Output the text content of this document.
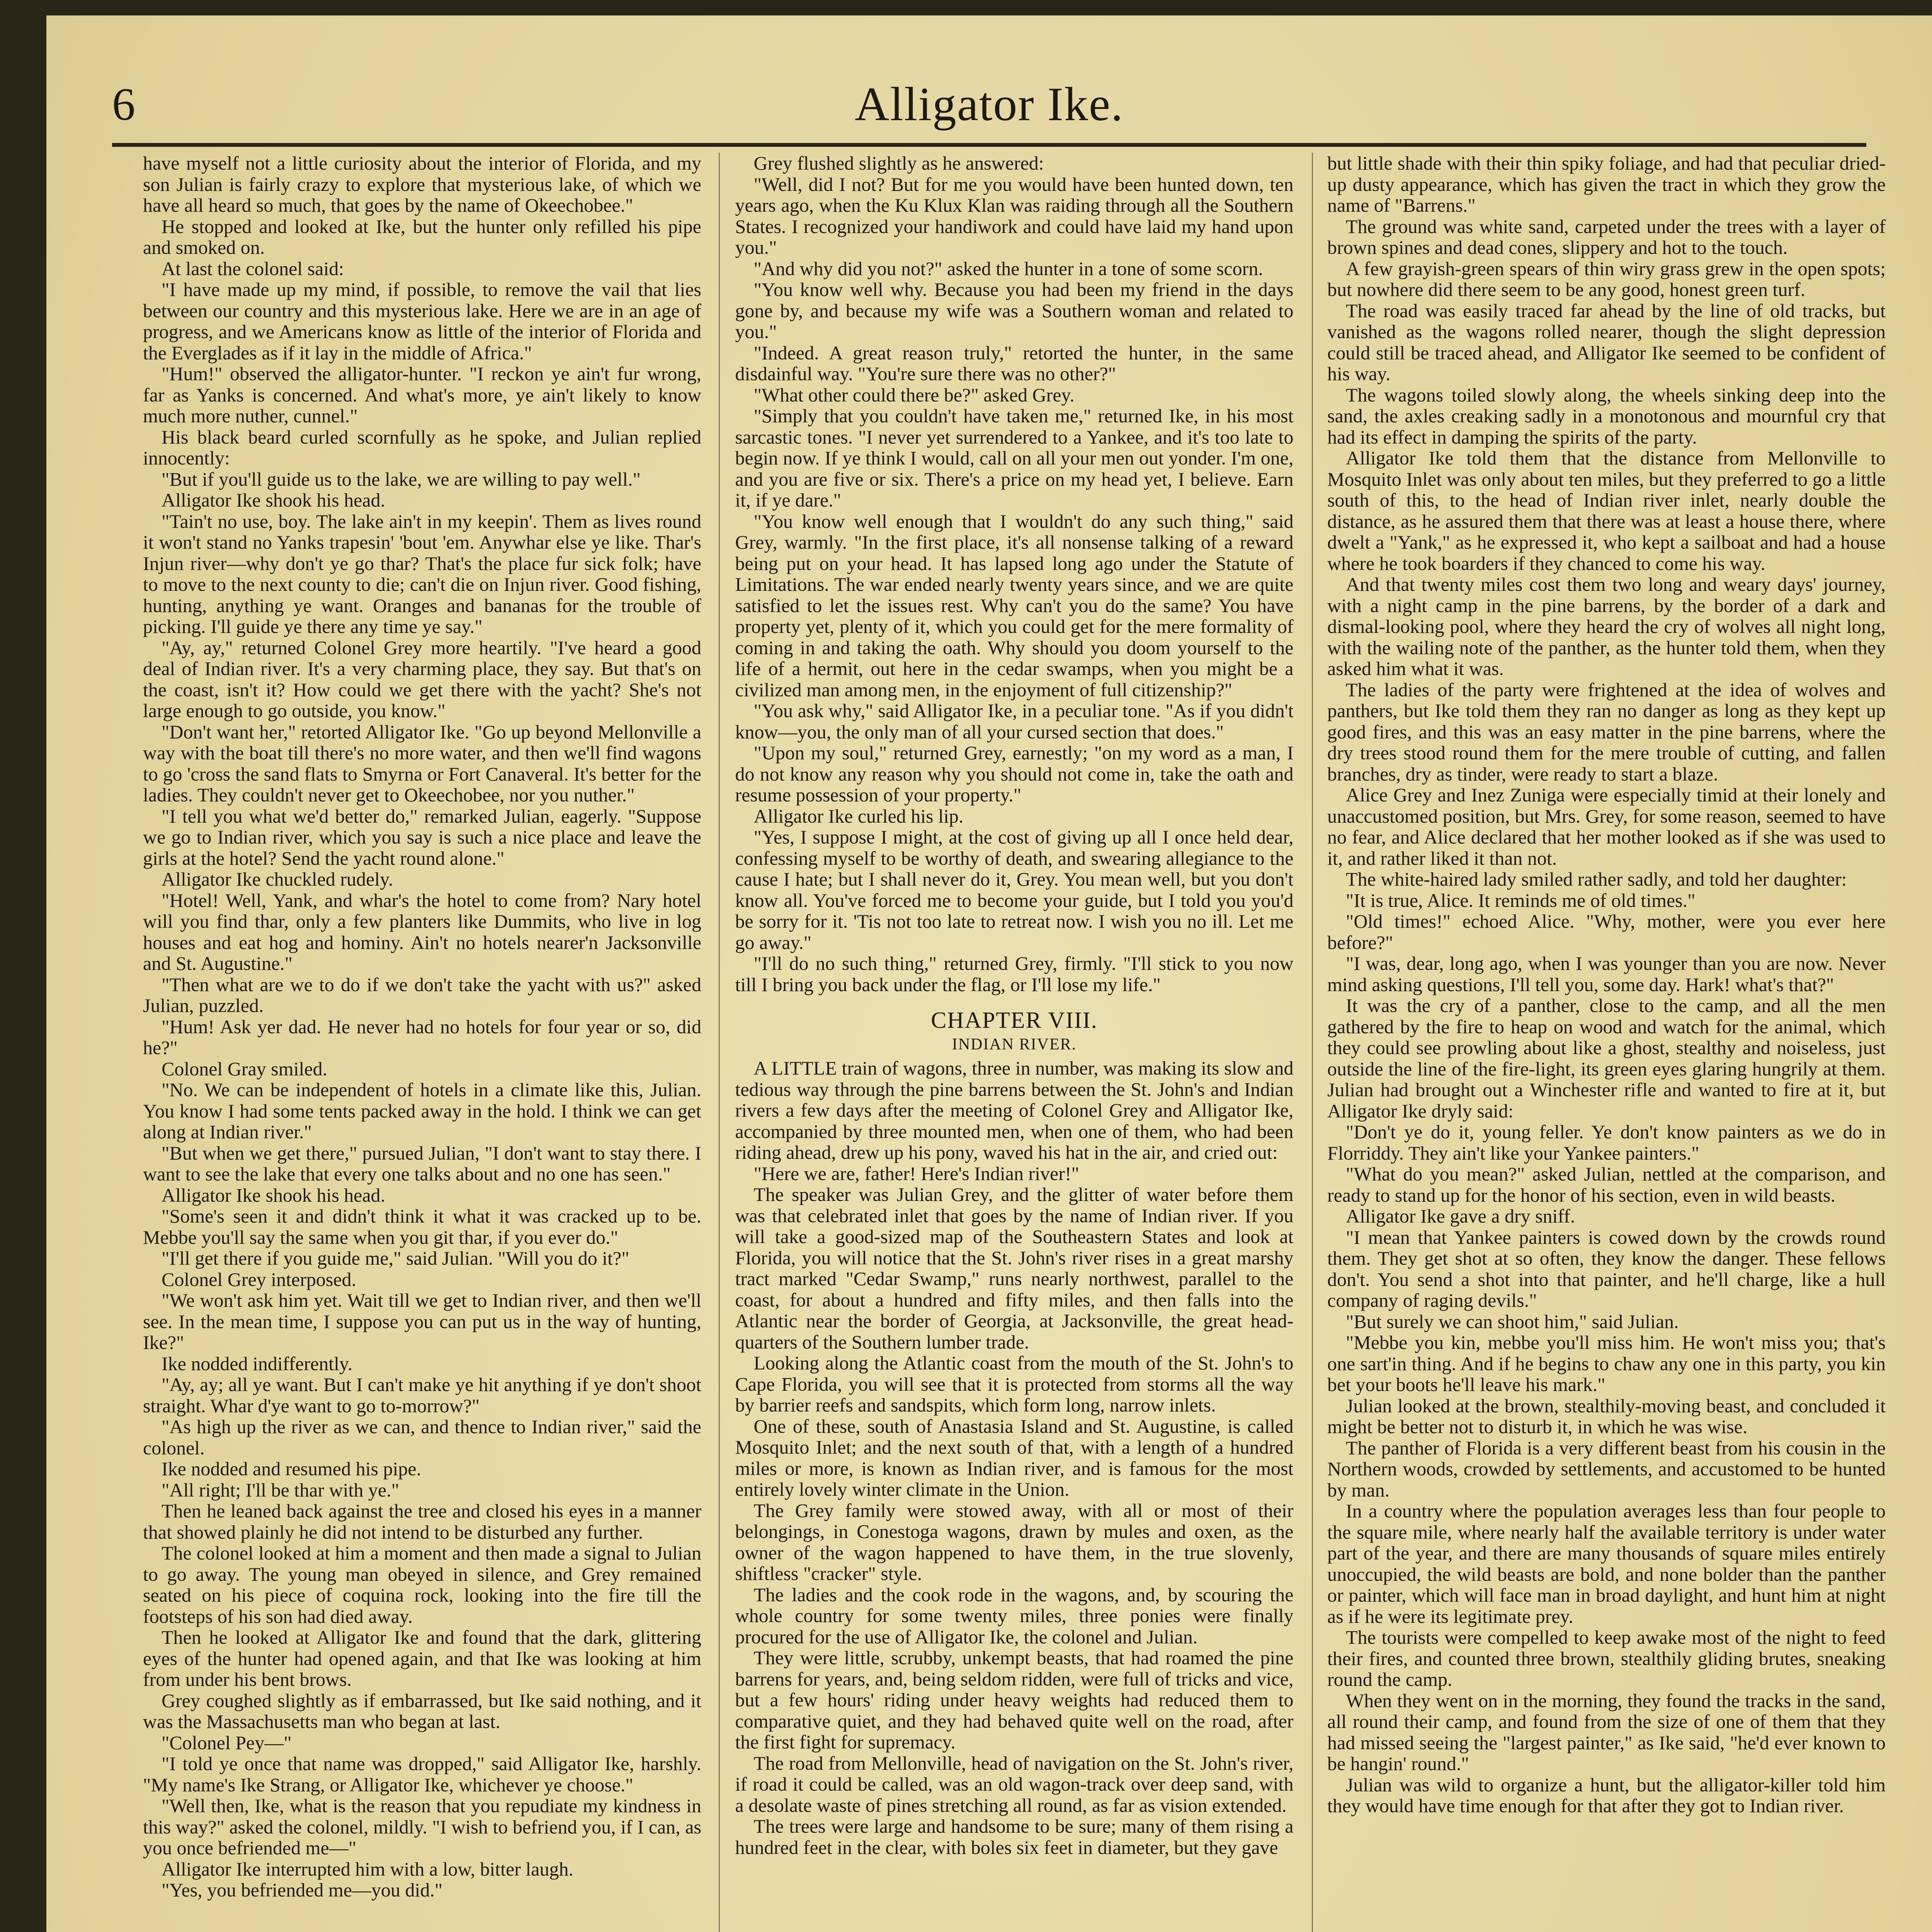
6	Alligator Ike.

have myself not a little curiosity about the interior of Florida, and my son Julian is fairly crazy to explore that mysterious lake, of which we have all heard so much, that goes by the name of Okeechobee."

He stopped and looked at Ike, but the hunter only refilled his pipe and smoked on.

At last the colonel said:

"I have made up my mind, if possible, to remove the vail that lies between our country and this mysterious lake. Here we are in an age of progress, and we Americans know as little of the interior of Florida and the Everglades as if it lay in the middle of Africa."

"Hum!" observed the alligator-hunter. "I reckon ye ain't fur wrong, far as Yanks is concerned. And what's more, ye ain't likely to know much more nuther, cunnel."

His black beard curled scornfully as he spoke, and Julian replied innocently:

"But if you'll guide us to the lake, we are willing to pay well."

Alligator Ike shook his head.

"Tain't no use, boy. The lake ain't in my keepin'. Them as lives round it won't stand no Yanks trapesin' 'bout 'em. Anywhar else ye like. Thar's Injun river—why don't ye go thar? That's the place fur sick folk; have to move to the next county to die; can't die on Injun river. Good fishing, hunting, anything ye want. Oranges and bananas for the trouble of picking. I'll guide ye there any time ye say."

"Ay, ay," returned Colonel Grey more heartily. "I've heard a good deal of Indian river. It's a very charming place, they say. But that's on the coast, isn't it? How could we get there with the yacht? She's not large enough to go outside, you know."

"Don't want her," retorted Alligator Ike. "Go up beyond Mellonville a way with the boat till there's no more water, and then we'll find wagons to go 'cross the sand flats to Smyrna or Fort Canaveral. It's better for the ladies. They couldn't never get to Okeechobee, nor you nuther."

"I tell you what we'd better do," remarked Julian, eagerly. "Suppose we go to Indian river, which you say is such a nice place and leave the girls at the hotel? Send the yacht round alone."

Alligator Ike chuckled rudely.

"Hotel! Well, Yank, and whar's the hotel to come from? Nary hotel will you find thar, only a few planters like Dummits, who live in log houses and eat hog and hominy. Ain't no hotels nearer'n Jacksonville and St. Augustine."

"Then what are we to do if we don't take the yacht with us?" asked Julian, puzzled.

"Hum! Ask yer dad. He never had no hotels for four year or so, did he?"

Colonel Gray smiled.

"No. We can be independent of hotels in a climate like this, Julian. You know I had some tents packed away in the hold. I think we can get along at Indian river."

"But when we get there," pursued Julian, "I don't want to stay there. I want to see the lake that every one talks about and no one has seen."

Alligator Ike shook his head.

"Some's seen it and didn't think it what it was cracked up to be. Mebbe you'll say the same when you git thar, if you ever do."

"I'll get there if you guide me," said Julian. "Will you do it?"

Colonel Grey interposed.

"We won't ask him yet. Wait till we get to Indian river, and then we'll see. In the mean time, I suppose you can put us in the way of hunting, Ike?"

Ike nodded indifferently.

"Ay, ay; all ye want. But I can't make ye hit anything if ye don't shoot straight. Whar d'ye want to go to-morrow?"

"As high up the river as we can, and thence to Indian river," said the colonel.

Ike nodded and resumed his pipe.

"All right; I'll be thar with ye."

Then he leaned back against the tree and closed his eyes in a manner that showed plainly he did not intend to be disturbed any further.

The colonel looked at him a moment and then made a signal to Julian to go away. The young man obeyed in silence, and Grey remained seated on his piece of coquina rock, looking into the fire till the footsteps of his son had died away.

Then he looked at Alligator Ike and found that the dark, glittering eyes of the hunter had opened again, and that Ike was looking at him from under his bent brows.

Grey coughed slightly as if embarrassed, but Ike said nothing, and it was the Massachusetts man who began at last.

"Colonel Pey—"

"I told ye once that name was dropped," said Alligator Ike, harshly. "My name's Ike Strang, or Alligator Ike, whichever ye choose."

"Well then, Ike, what is the reason that you repudiate my kindness in this way?" asked the colonel, mildly. "I wish to befriend you, if I can, as you once befriended me—"

Alligator Ike interrupted him with a low, bitter laugh.

"Yes, you befriended me—you did."

Grey flushed slightly as he answered:

"Well, did I not? But for me you would have been hunted down, ten years ago, when the Ku Klux Klan was raiding through all the Southern States. I recognized your handiwork and could have laid my hand upon you."

"And why did you not?" asked the hunter in a tone of some scorn.

"You know well why. Because you had been my friend in the days gone by, and because my wife was a Southern woman and related to you."

"Indeed. A great reason truly," retorted the hunter, in the same disdainful way. "You're sure there was no other?"

"What other could there be?" asked Grey.

"Simply that you couldn't have taken me," returned Ike, in his most sarcastic tones. "I never yet surrendered to a Yankee, and it's too late to begin now. If ye think I would, call on all your men out yonder. I'm one, and you are five or six. There's a price on my head yet, I believe. Earn it, if ye dare."

"You know well enough that I wouldn't do any such thing," said Grey, warmly. "In the first place, it's all nonsense talking of a reward being put on your head. It has lapsed long ago under the Statute of Limitations. The war ended nearly twenty years since, and we are quite satisfied to let the issues rest. Why can't you do the same? You have property yet, plenty of it, which you could get for the mere formality of coming in and taking the oath. Why should you doom yourself to the life of a hermit, out here in the cedar swamps, when you might be a civilized man among men, in the enjoyment of full citizenship?"

"You ask why," said Alligator Ike, in a peculiar tone. "As if you didn't know—you, the only man of all your cursed section that does."

"Upon my soul," returned Grey, earnestly; "on my word as a man, I do not know any reason why you should not come in, take the oath and resume possession of your property."

Alligator Ike curled his lip.

"Yes, I suppose I might, at the cost of giving up all I once held dear, confessing myself to be worthy of death, and swearing allegiance to the cause I hate; but I shall never do it, Grey. You mean well, but you don't know all. You've forced me to become your guide, but I told you you'd be sorry for it. 'Tis not too late to retreat now. I wish you no ill. Let me go away."

"I'll do no such thing," returned Grey, firmly. "I'll stick to you now till I bring you back under the flag, or I'll lose my life."

CHAPTER VIII.
INDIAN RIVER.

A LITTLE train of wagons, three in number, was making its slow and tedious way through the pine barrens between the St. John's and Indian rivers a few days after the meeting of Colonel Grey and Alligator Ike, accompanied by three mounted men, when one of them, who had been riding ahead, drew up his pony, waved his hat in the air, and cried out:

"Here we are, father! Here's Indian river!"

The speaker was Julian Grey, and the glitter of water before them was that celebrated inlet that goes by the name of Indian river. If you will take a good-sized map of the Southeastern States and look at Florida, you will notice that the St. John's river rises in a great marshy tract marked "Cedar Swamp," runs nearly northwest, parallel to the coast, for about a hundred and fifty miles, and then falls into the Atlantic near the border of Georgia, at Jacksonville, the great head-quarters of the Southern lumber trade.

Looking along the Atlantic coast from the mouth of the St. John's to Cape Florida, you will see that it is protected from storms all the way by barrier reefs and sandspits, which form long, narrow inlets.

One of these, south of Anastasia Island and St. Augustine, is called Mosquito Inlet; and the next south of that, with a length of a hundred miles or more, is known as Indian river, and is famous for the most entirely lovely winter climate in the Union.

The Grey family were stowed away, with all or most of their belongings, in Conestoga wagons, drawn by mules and oxen, as the owner of the wagon happened to have them, in the true slovenly, shiftless "cracker" style.

The ladies and the cook rode in the wagons, and, by scouring the whole country for some twenty miles, three ponies were finally procured for the use of Alligator Ike, the colonel and Julian.

They were little, scrubby, unkempt beasts, that had roamed the pine barrens for years, and, being seldom ridden, were full of tricks and vice, but a few hours' riding under heavy weights had reduced them to comparative quiet, and they had behaved quite well on the road, after the first fight for supremacy.

The road from Mellonville, head of navigation on the St. John's river, if road it could be called, was an old wagon-track over deep sand, with a desolate waste of pines stretching all round, as far as vision extended.

The trees were large and handsome to be sure; many of them rising a hundred feet in the clear, with boles six feet in diameter, but they gave

but little shade with their thin spiky foliage, and had that peculiar dried-up dusty appearance, which has given the tract in which they grow the name of "Barrens."

The ground was white sand, carpeted under the trees with a layer of brown spines and dead cones, slippery and hot to the touch.

A few grayish-green spears of thin wiry grass grew in the open spots; but nowhere did there seem to be any good, honest green turf.

The road was easily traced far ahead by the line of old tracks, but vanished as the wagons rolled nearer, though the slight depression could still be traced ahead, and Alligator Ike seemed to be confident of his way.

The wagons toiled slowly along, the wheels sinking deep into the sand, the axles creaking sadly in a monotonous and mournful cry that had its effect in damping the spirits of the party.

Alligator Ike told them that the distance from Mellonville to Mosquito Inlet was only about ten miles, but they preferred to go a little south of this, to the head of Indian river inlet, nearly double the distance, as he assured them that there was at least a house there, where dwelt a "Yank," as he expressed it, who kept a sailboat and had a house where he took boarders if they chanced to come his way.

And that twenty miles cost them two long and weary days' journey, with a night camp in the pine barrens, by the border of a dark and dismal-looking pool, where they heard the cry of wolves all night long, with the wailing note of the panther, as the hunter told them, when they asked him what it was.

The ladies of the party were frightened at the idea of wolves and panthers, but Ike told them they ran no danger as long as they kept up good fires, and this was an easy matter in the pine barrens, where the dry trees stood round them for the mere trouble of cutting, and fallen branches, dry as tinder, were ready to start a blaze.

Alice Grey and Inez Zuniga were especially timid at their lonely and unaccustomed position, but Mrs. Grey, for some reason, seemed to have no fear, and Alice declared that her mother looked as if she was used to it, and rather liked it than not.

The white-haired lady smiled rather sadly, and told her daughter:

"It is true, Alice. It reminds me of old times."

"Old times!" echoed Alice. "Why, mother, were you ever here before?"

"I was, dear, long ago, when I was younger than you are now. Never mind asking questions, I'll tell you, some day. Hark! what's that?"

It was the cry of a panther, close to the camp, and all the men gathered by the fire to heap on wood and watch for the animal, which they could see prowling about like a ghost, stealthy and noiseless, just outside the line of the fire-light, its green eyes glaring hungrily at them. Julian had brought out a Winchester rifle and wanted to fire at it, but Alligator Ike dryly said:

"Don't ye do it, young feller. Ye don't know painters as we do in Florriddy. They ain't like your Yankee painters."

"What do you mean?" asked Julian, nettled at the comparison, and ready to stand up for the honor of his section, even in wild beasts.

Alligator Ike gave a dry sniff.

"I mean that Yankee painters is cowed down by the crowds round them. They get shot at so often, they know the danger. These fellows don't. You send a shot into that painter, and he'll charge, like a hull company of raging devils."

"But surely we can shoot him," said Julian.

"Mebbe you kin, mebbe you'll miss him. He won't miss you; that's one sart'in thing. And if he begins to chaw any one in this party, you kin bet your boots he'll leave his mark."

Julian looked at the brown, stealthily-moving beast, and concluded it might be better not to disturb it, in which he was wise.

The panther of Florida is a very different beast from his cousin in the Northern woods, crowded by settlements, and accustomed to be hunted by man.

In a country where the population averages less than four people to the square mile, where nearly half the available territory is under water part of the year, and there are many thousands of square miles entirely unoccupied, the wild beasts are bold, and none bolder than the panther or painter, which will face man in broad daylight, and hunt him at night as if he were its legitimate prey.

The tourists were compelled to keep awake most of the night to feed their fires, and counted three brown, stealthily gliding brutes, sneaking round the camp.

When they went on in the morning, they found the tracks in the sand, all round their camp, and found from the size of one of them that they had missed seeing the "largest painter," as Ike said, "he'd ever known to be hangin' round."

Julian was wild to organize a hunt, but the alligator-killer told him they would have time enough for that after they got to Indian river.
